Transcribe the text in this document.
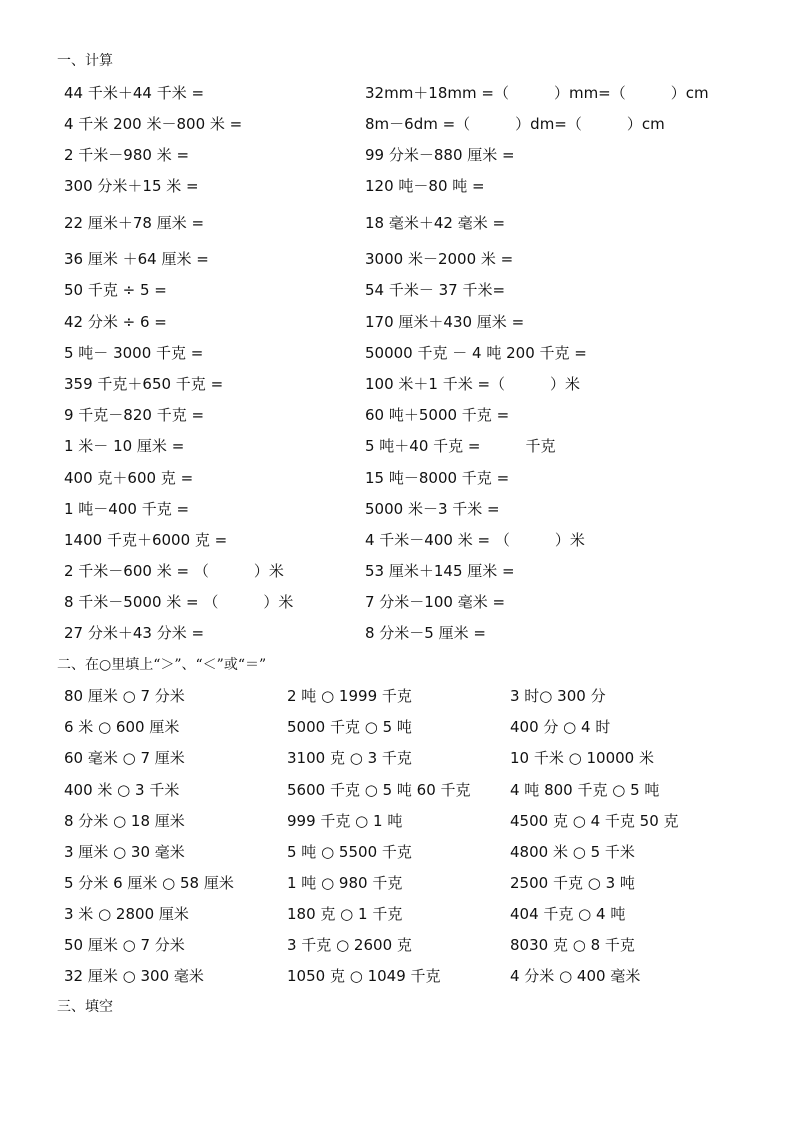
一、计算
44 千米＋44 千米 =	32mm＋18mm =（　　　）mm=（　　　）cm
4 千米 200 米－800 米 =	8m－6dm =（　　　）dm=（　　　）cm
2 千米－980 米 =	99 分米－880 厘米 =
300 分米＋15 米 =	120 吨－80 吨 =
22 厘米＋78 厘米 =	18 毫米＋42 毫米 =
36 厘米 ＋64 厘米 =	3000 米－2000 米 =
50 千克 ÷ 5 =	54 千米－ 37 千米=
42 分米 ÷ 6 =	170 厘米＋430 厘米 =
5 吨－ 3000 千克 =	50000 千克 － 4 吨 200 千克 =
359 千克＋650 千克 =	100 米＋1 千米 =（　　　）米
9 千克－820 千克 =	60 吨＋5000 千克 =
1 米－ 10 厘米 =	5 吨＋40 千克 =　　　千克
400 克＋600 克 =	15 吨－8000 千克 =
1 吨－400 千克 =	5000 米－3 千米 =
1400 千克＋6000 克 =	4 千米－400 米 = （　　　）米
2 千米－600 米 = （　　　）米	53 厘米＋145 厘米 =
8 千米－5000 米 = （　　　）米	7 分米－100 毫米 =
27 分米＋43 分米 =	8 分米－5 厘米 =
二、在○里填上“＞”、“＜”或“＝”
80 厘米 ○ 7 分米	2 吨 ○ 1999 千克	3 时○ 300 分
6 米 ○ 600 厘米	5000 千克 ○ 5 吨	400 分 ○ 4 时
60 毫米 ○ 7 厘米	3100 克 ○ 3 千克	10 千米 ○ 10000 米
400 米 ○ 3 千米	5600 千克 ○ 5 吨 60 千克	4 吨 800 千克 ○ 5 吨
8 分米 ○ 18 厘米	999 千克 ○ 1 吨	4500 克 ○ 4 千克 50 克
3 厘米 ○ 30 毫米	5 吨 ○ 5500 千克	4800 米 ○ 5 千米
5 分米 6 厘米 ○ 58 厘米	1 吨 ○ 980 千克	2500 千克 ○ 3 吨
3 米 ○ 2800 厘米	180 克 ○ 1 千克	404 千克 ○ 4 吨
50 厘米 ○ 7 分米	3 千克 ○ 2600 克	8030 克 ○ 8 千克
32 厘米 ○ 300 毫米	1050 克 ○ 1049 千克	4 分米 ○ 400 毫米
三、填空
